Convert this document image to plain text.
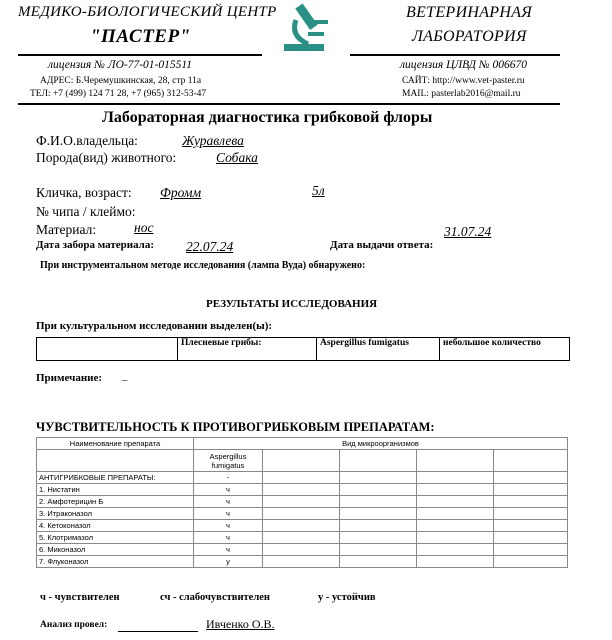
МЕДИКО-БИОЛОГИЧЕСКИЙ ЦЕНТР
"ПАСТЕР"
ВЕТЕРИНАРНАЯ
ЛАБОРАТОРИЯ
лицензия № ЛО-77-01-015511	лицензия ЦЛВД № 006670
АДРЕС: Б.Черемушкинская, 28, стр 11а
ТЕЛ: +7 (499) 124 71 28, +7 (965) 312-53-47
САЙТ: http://www.vet-paster.ru
MAIL: pasterlab2016@mail.ru
Лабораторная диагностика грибковой флоры
Ф.И.О.владельца:	Журавлева
Порода(вид) животного:	Собака
Кличка, возраст: Фромм	5л
№ чипа / клеймо:
Материал:	нос
Дата забора материала: 22.07.24	Дата выдачи ответа:
31.07.24
При инструментальном методе исследования (лампа Вуда) обнаружено:
РЕЗУЛЬТАТЫ ИССЛЕДОВАНИЯ
При культуральном исследовании выделен(ы):
	Плесневые грибы:	Aspergillus fumigatus	небольшое количество
Примечание: _
ЧУВСТВИТЕЛЬНОСТЬ К ПРОТИВОГРИБКОВЫМ ПРЕПАРАТАМ:
Наименование препарата	Вид микроорганизмов				
	Aspergillus fumigatus				
АНТИГРИБКОВЫЕ ПРЕПАРАТЫ:	-				
1. Нистатин	ч				
2. Амфотерицин Б	ч				
3. Итраконазол	ч				
4. Кетоконазол	ч				
5. Клотримазол	ч				
6. Миконазол	ч				
7. Флуконазол	у				
ч - чувствителен	сч - слабочувствителен	у - устойчив
Анализ провел:	Ивченко О.В.
